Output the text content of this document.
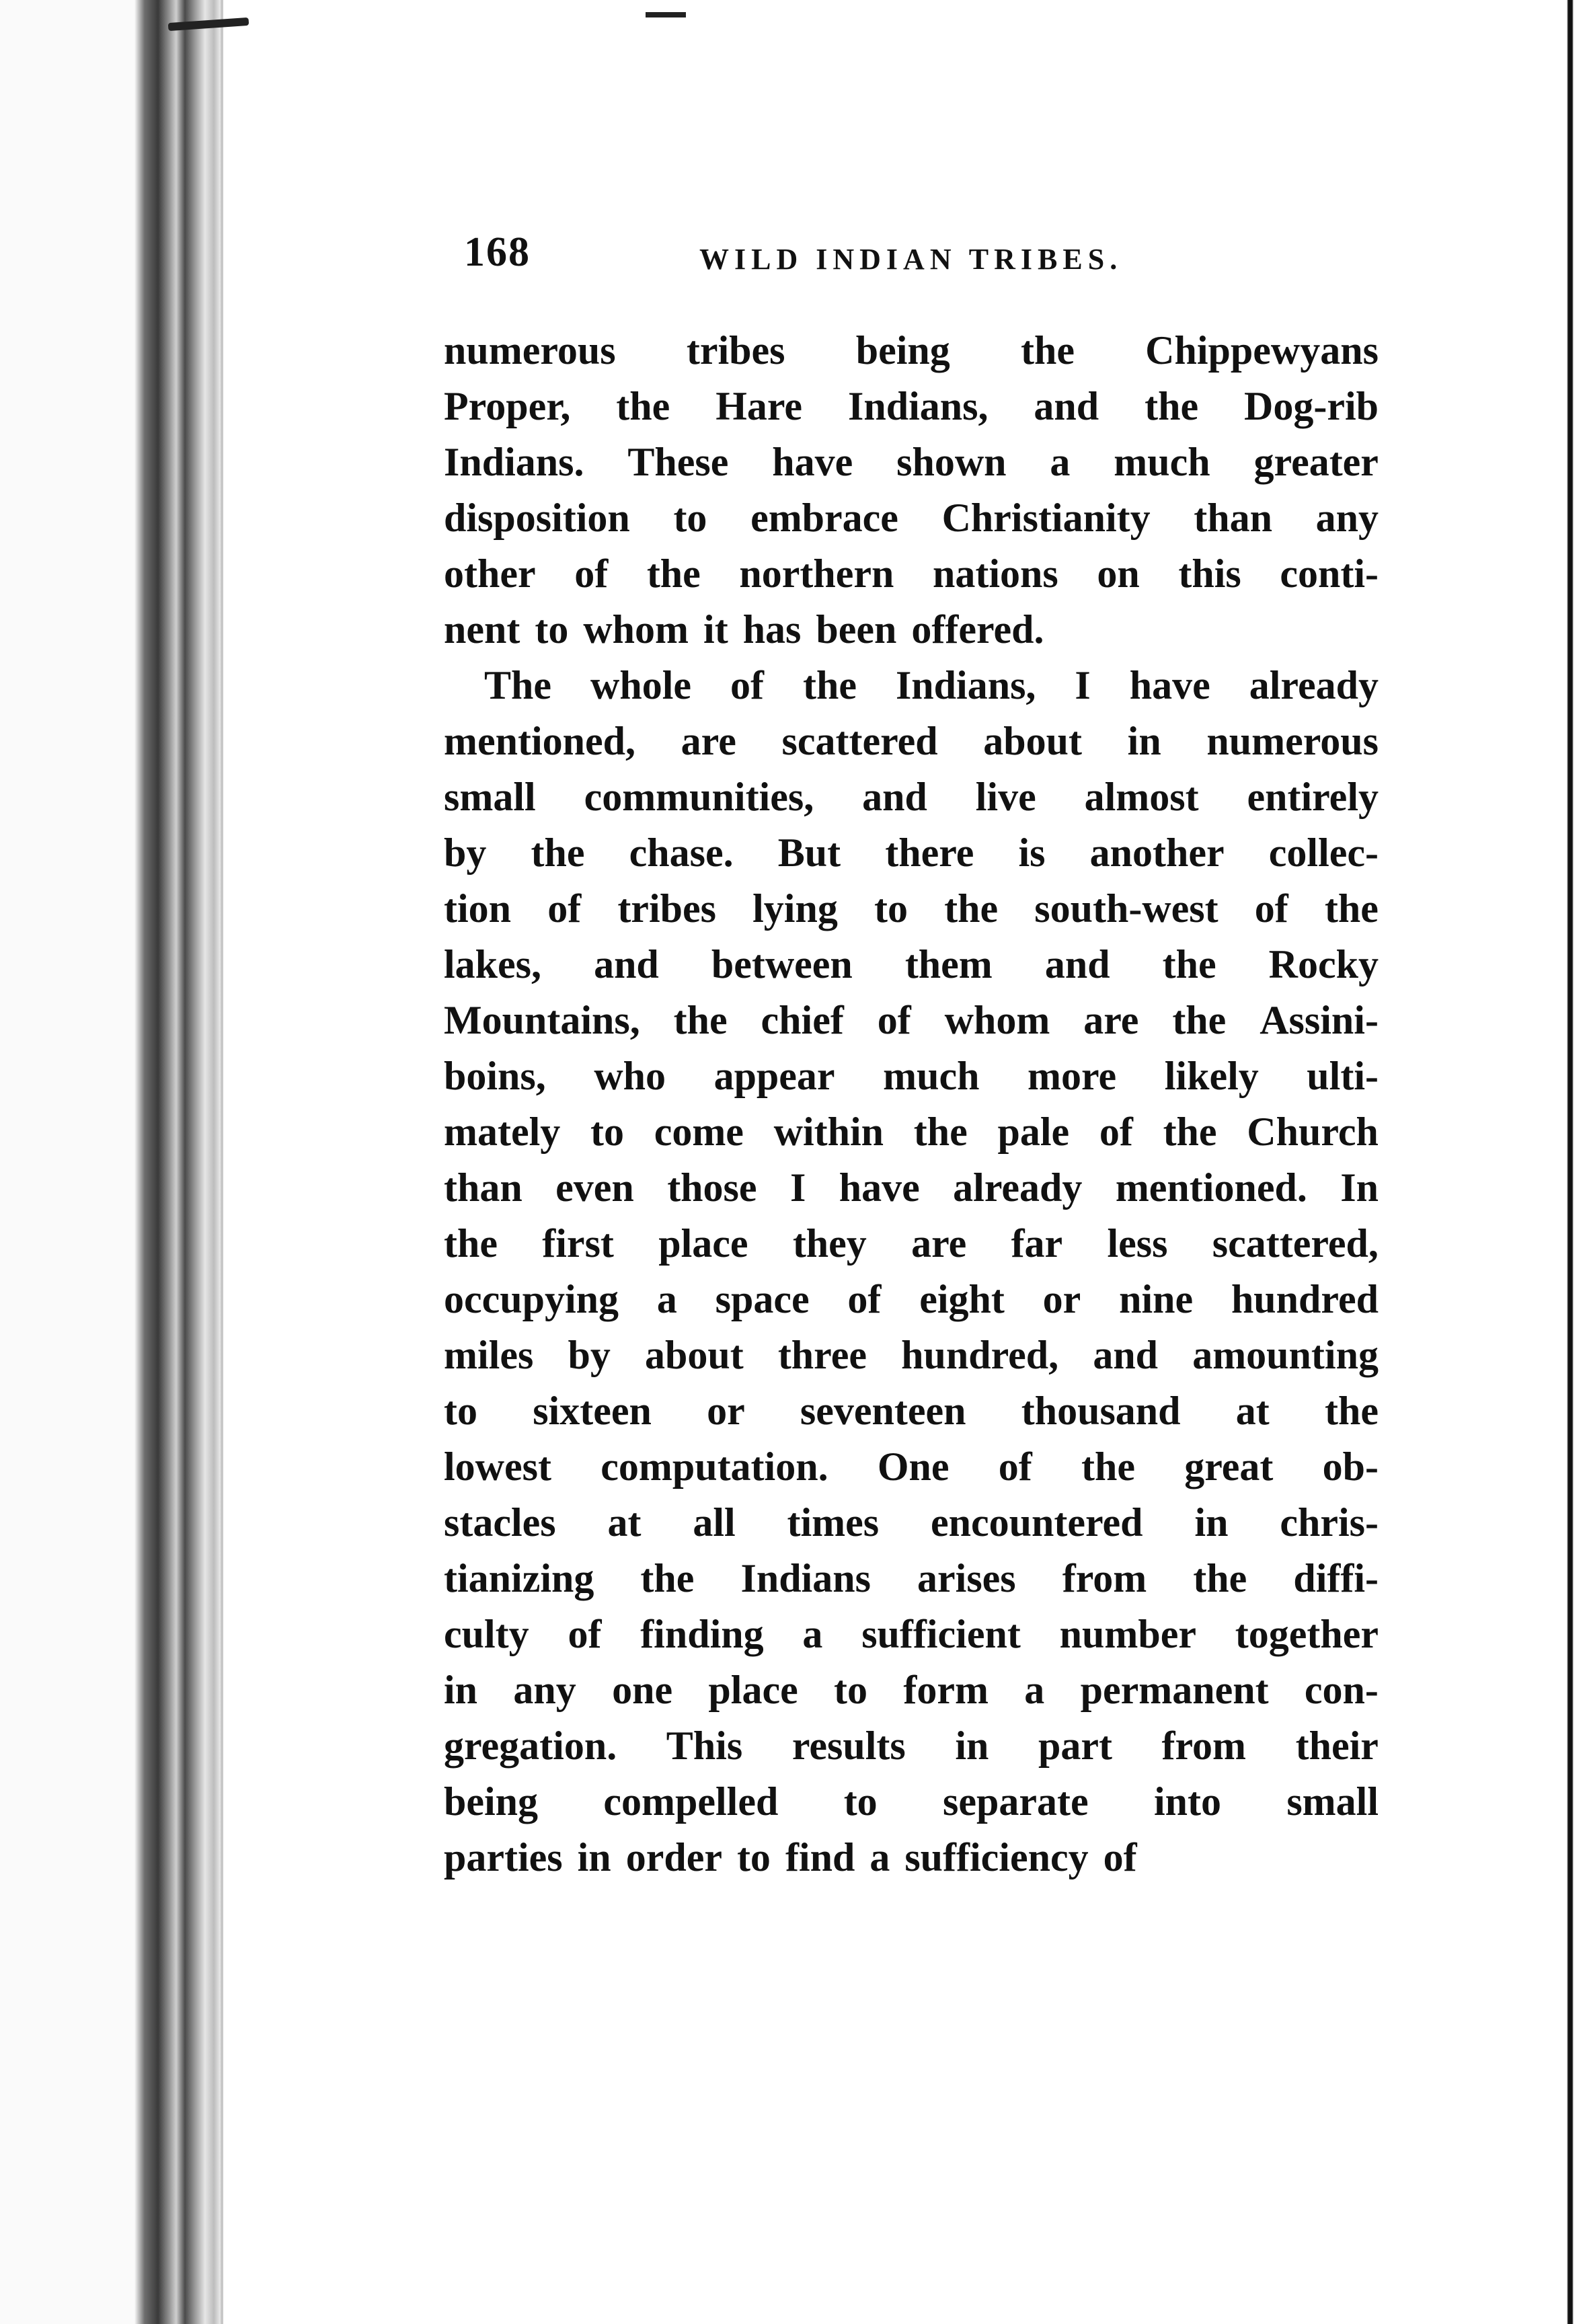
168	WILD INDIAN TRIBES.
numerous tribes being the Chippewyans
Proper, the Hare Indians, and the Dog-rib
Indians. These have shown a much greater
disposition to embrace Christianity than any
other of the northern nations on this conti-
nent to whom it has been offered.
The whole of the Indians, I have already
mentioned, are scattered about in numerous
small communities, and live almost entirely
by the chase. But there is another collec-
tion of tribes lying to the south-west of the
lakes, and between them and the Rocky
Mountains, the chief of whom are the Assini-
boins, who appear much more likely ulti-
mately to come within the pale of the Church
than even those I have already mentioned. In
the first place they are far less scattered,
occupying a space of eight or nine hundred
miles by about three hundred, and amounting
to sixteen or seventeen thousand at the
lowest computation. One of the great ob-
stacles at all times encountered in chris-
tianizing the Indians arises from the diffi-
culty of finding a sufficient number together
in any one place to form a permanent con-
gregation. This results in part from their
being compelled to separate into small
parties in order to find a sufficiency of
